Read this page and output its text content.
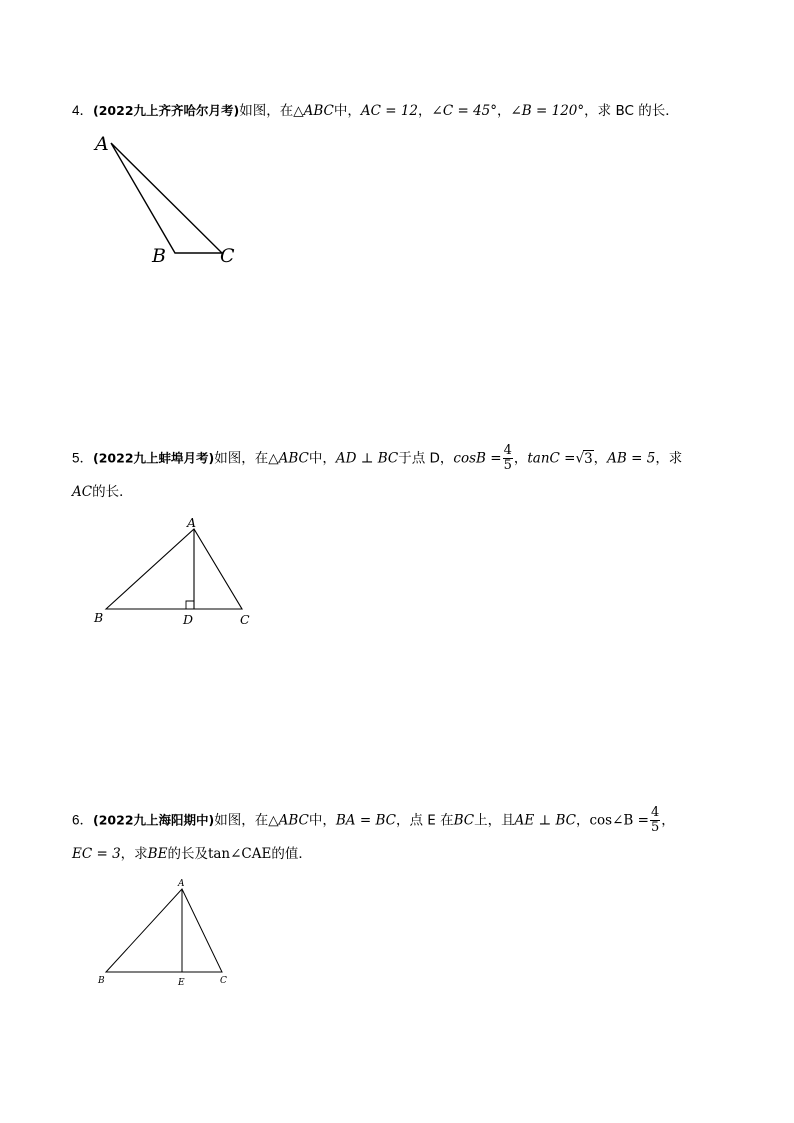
4．(2022九上齐齐哈尔月考)如图，在△ABC中，AC = 12，∠C = 45°，∠B = 120°，求 BC 的长．
A
B	C
5．(2022九上蚌埠月考)如图，在△ABC中，AD ⊥ BC于点 D，$\cos B = \frac{4}{5}$ ，tanC =√3，AB = 5，求
AC的长．
A
B	D	C
6．(2022九上海阳期中)如图，在△ABC中，BA = BC，点 E 在BC上，且AE ⊥ BC，cos∠B = $\frac{4}{5}$ ，
EC = 3，求BE的长及tan∠CAE的值．
A
B	E	C
